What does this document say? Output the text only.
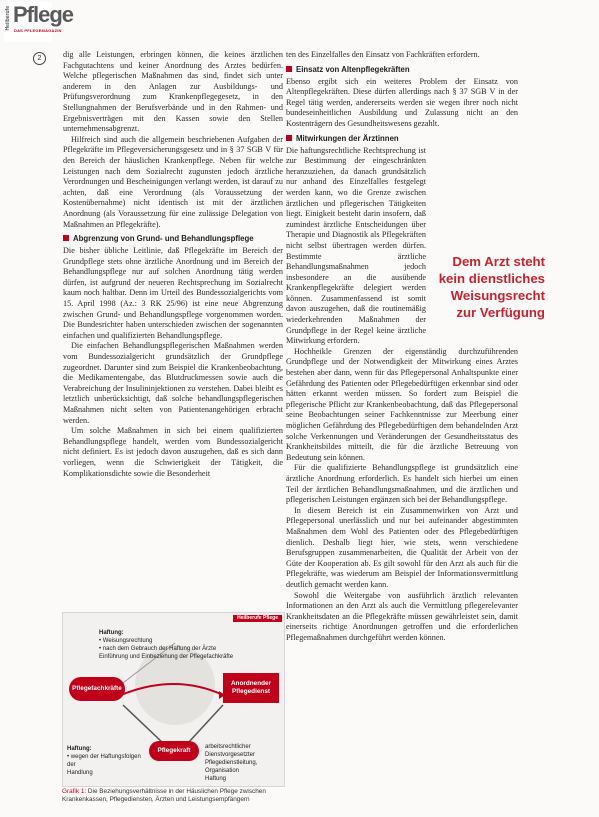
Heilberufe Pflege
DAS PFLEGEMAGAZIN
2	dig alle Leistungen, erbringen können, die keines ärztlichen Fachgutachtens und keiner Anordnung des Arztes bedürfen. Welche pflegerischen Maßnahmen das sind, findet sich unter anderem in den Anlagen zur Ausbildungs- und Prüfungsverordnung zum Krankenpflegegesetz, in den Stellungnahmen der Berufsverbände und in den Rahmen- und Ergebnisverträgen mit den Kassen sowie den Stellen unternehmensabgrenzt.

Hilfreich sind auch die allgemein beschriebenen Aufgaben der Pflegekräfte im Pflegeversicherungsgesetz und in § 37 SGB V für den Bereich der häuslichen Krankenpflege. Neben für welche Leistungen nach dem Sozialrecht zugunsten jedoch ärztliche Verordnungen und Bescheinigungen verlangt werden, ist darauf zu achten, daß eine Verordnung (als Voraussetzung der Kostenübernahme) nicht identisch ist mit der ärztlichen Anordnung (als Voraussetzung für eine zulässige Delegation von Maßnahmen an Pflegekräfte).

Abgrenzung von Grund- und Behandlungspflege

Die bisher übliche Leitlinie, daß Pflegekräfte im Bereich der Grundpflege stets ohne ärztliche Anordnung und im Bereich der Behandlungspflege nur auf solchen Anordnung tätig werden dürfen, ist aufgrund der neueren Rechtsprechung im Sozialrecht kaum noch haltbar. Denn im Urteil des Bundessozialgerichts vom 15. April 1998 (Az.: 3 RK 25/96) ist eine neue Abgrenzung zwischen Grund- und Behandlungspflege vorgenommen worden. Die Bundesrichter haben unterschieden zwischen der sogenannten einfachen und qualifizierten Behandlungspflege.

Die einfachen Behandlungspflegerischen Maßnahmen werden vom Bundessozialgericht grundsätzlich der Grundpflege zugeordnet. Darunter sind zum Beispiel die Krankenbeobachtung, die Medikamentengabe, das Blutdruckmessen sowie auch die Verabreichung der Insulininjektionen zu verstehen. Dabei bleibt es letztlich unberücksichtigt, daß solche behandlungspflegerischen Maßnahmen nicht selten von Patientenangehörigen erbracht werden.

Um solche Maßnahmen in sich bei einem qualifizierten Behandlungspflege handelt, werden vom Bundessozialgericht nicht definiert. Es ist jedoch davon auszugehen, daß es sich dann vorliegen, wenn die Schwierigkeit der Tätigkeit, die Komplikationsdichte sowie die Besonderheit

ten des Einzelfalles den Einsatz von Fachkräften erfordern.

Einsatz von Altenpflegekräften

Ebenso ergibt sich ein weiteres Problem der Einsatz von Altenpflegekräften. Diese dürfen allerdings nach § 37 SGB V in der Regel tätig werden, andererseits werden sie wegen ihrer noch nicht bundeseinheitlichen Ausbildung und Zulassung nicht an den Kostenträgern des Gesundheitswesens gezahlt.

Mitwirkungen der Ärztinnen

Die haftungsrechtliche Rechtsprechung ist zur Bestimmung der eingeschränkten heranzuziehen, da danach grundsätzlich nur anhand des Einzelfalles festgelegt werden kann, wo die Grenze zwischen ärztlichen und pflegerischen Tätigkeiten liegt. Einigkeit besteht darin insofern, daß zumindest ärztliche Entscheidungen über Therapie und Diagnostik als Pflegekräften nicht selbst übertragen werden dürfen. Bestimmte ärztliche Behandlungsmaßnahmen jedoch insbesondere an die ausübende Krankenpflegekräfte delegiert werden können. Zusammenfassend ist somit davon auszugehen, daß die routinemäßig wiederkehrenden Maßnahmen der Grundpflege in der Regel keine ärztliche Mitwirkung erfordern.

Hochheikle Grenzen der eigenständig durchzuführenden Grundpflege und der Notwendigkeit der Mitwirkung eines Arztes bestehen aber dann, wenn für das Pflegepersonal Anhaltspunkte einer Gefährdung des Patienten oder Pflegebedürftigen erkennbar sind oder hätten erkannt werden müssen. So fordert zum Beispiel die pflegerische Pflicht zur Krankenbeobachtung, daß das Pflegepersonal seine Beobachtungen seiner Fachkenntnisse zur Meerbung einer möglichen Gefährdung des Pflegebedürftigen dem behandelnden Arzt solche Verkennungen und Veränderungen der Gesundheitsstatus des Krankheitsbildes mitteilt, die für die ärztliche Betreuung von Bedeutung sein können.

Für die qualifizierte Behandlungspflege ist grundsätzlich eine ärztliche Anordnung erforderlich. Es handelt sich hierbei um einen Teil der ärztlichen Behandlungsmaßnahmen, und die ärztlichen und pflegerischen Leistungen ergänzen sich bei der Behandlungspflege.

In diesem Bereich ist ein Zusammenwirken von Arzt und Pflegepersonal unerlässlich und nur bei aufeinander abgestimmten Maßnahmen dem Wohl des Patienten oder des Pflegebedürftigen dienlich. Deshalb liegt hier, wie stets, wenn verschiedene Berufsgruppen zusammenarbeiten, die Qualität der Arbeit von der Güte der Kooperation ab. Es gilt sowohl für den Arzt als auch für die Pflegekräfte, was wiederum am Beispiel der Informationsvermittlung deutlich gemacht werden kann.

Sowohl die Weitergabe von ausführlich ärztlich relevanten Informationen an den Arzt als auch die Vermittlung pflegerelevanter Krankheitsdaten an die Pflegekräfte müssen gewährleistet sein, damit einerseits richtige Anordnungen getroffen und die erforderlichen Pflegemaßnahmen durchgeführt werden können.

Dem Arzt steht kein dienstliches Weisungsrecht zur Verfügung
Heilberufe Pflege
Haftung:
• Weisungsrechtung
• nach dem Gebrauch der Haftung der Ärzte
Einführung und Einbeziehung der Pflegefachkräfte
Pflegefachkräfte
Anordnender Pflegedienst
Pflegekraft
Haftung:
• wegen der Haftungsfolgen der
Handlung
arbeitsrechtlicher Dienstvorgesetzter
Pflegedienstleitung, Organisation
Haftung
Grafik 1: Die Beziehungsverhältnisse in der Häuslichen Pflege zwischen Krankenkassen, Pflegediensten, Ärzten und Leistungsempfängern
